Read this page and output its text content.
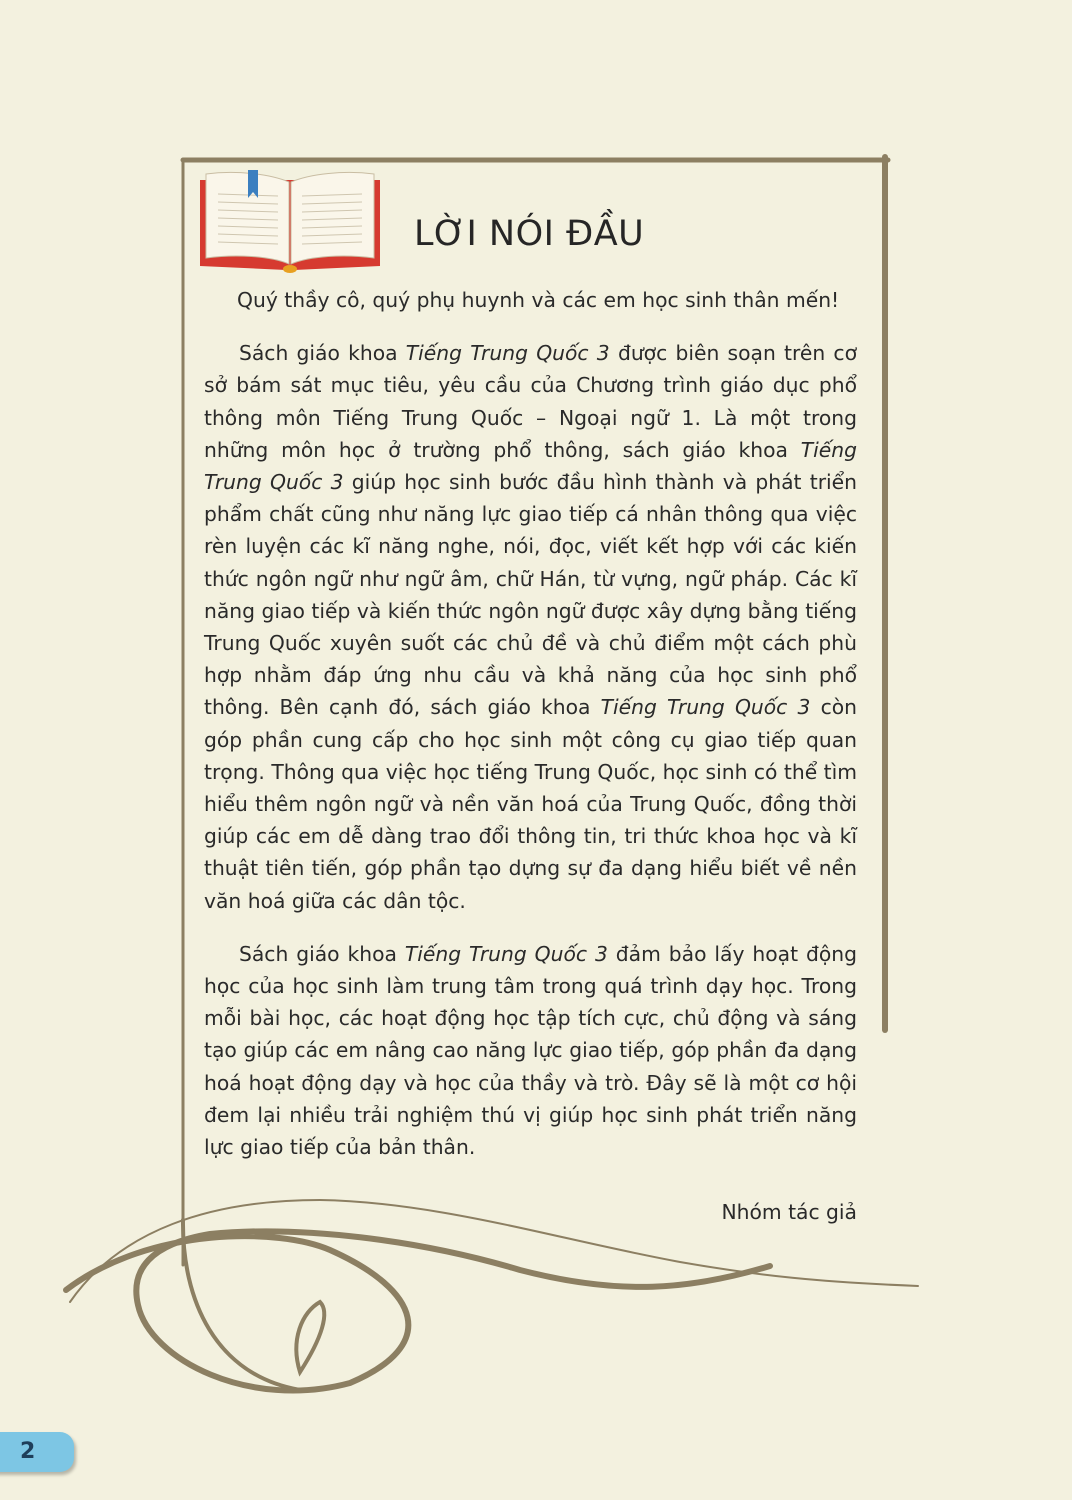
LỜI NÓI ĐẦU

Quý thầy cô, quý phụ huynh và các em học sinh thân mến!

Sách giáo khoa Tiếng Trung Quốc 3 được biên soạn trên cơ sở bám sát mục tiêu, yêu cầu của Chương trình giáo dục phổ thông môn Tiếng Trung Quốc – Ngoại ngữ 1. Là một trong những môn học ở trường phổ thông, sách giáo khoa Tiếng Trung Quốc 3 giúp học sinh bước đầu hình thành và phát triển phẩm chất cũng như năng lực giao tiếp cá nhân thông qua việc rèn luyện các kĩ năng nghe, nói, đọc, viết kết hợp với các kiến thức ngôn ngữ như ngữ âm, chữ Hán, từ vựng, ngữ pháp. Các kĩ năng giao tiếp và kiến thức ngôn ngữ được xây dựng bằng tiếng Trung Quốc xuyên suốt các chủ đề và chủ điểm một cách phù hợp nhằm đáp ứng nhu cầu và khả năng của học sinh phổ thông. Bên cạnh đó, sách giáo khoa Tiếng Trung Quốc 3 còn góp phần cung cấp cho học sinh một công cụ giao tiếp quan trọng. Thông qua việc học tiếng Trung Quốc, học sinh có thể tìm hiểu thêm ngôn ngữ và nền văn hoá của Trung Quốc, đồng thời giúp các em dễ dàng trao đổi thông tin, tri thức khoa học và kĩ thuật tiên tiến, góp phần tạo dựng sự đa dạng hiểu biết về nền văn hoá giữa các dân tộc.

Sách giáo khoa Tiếng Trung Quốc 3 đảm bảo lấy hoạt động học của học sinh làm trung tâm trong quá trình dạy học. Trong mỗi bài học, các hoạt động học tập tích cực, chủ động và sáng tạo giúp các em nâng cao năng lực giao tiếp, góp phần đa dạng hoá hoạt động dạy và học của thầy và trò. Đây sẽ là một cơ hội đem lại nhiều trải nghiệm thú vị giúp học sinh phát triển năng lực giao tiếp của bản thân.

Nhóm tác giả

2
